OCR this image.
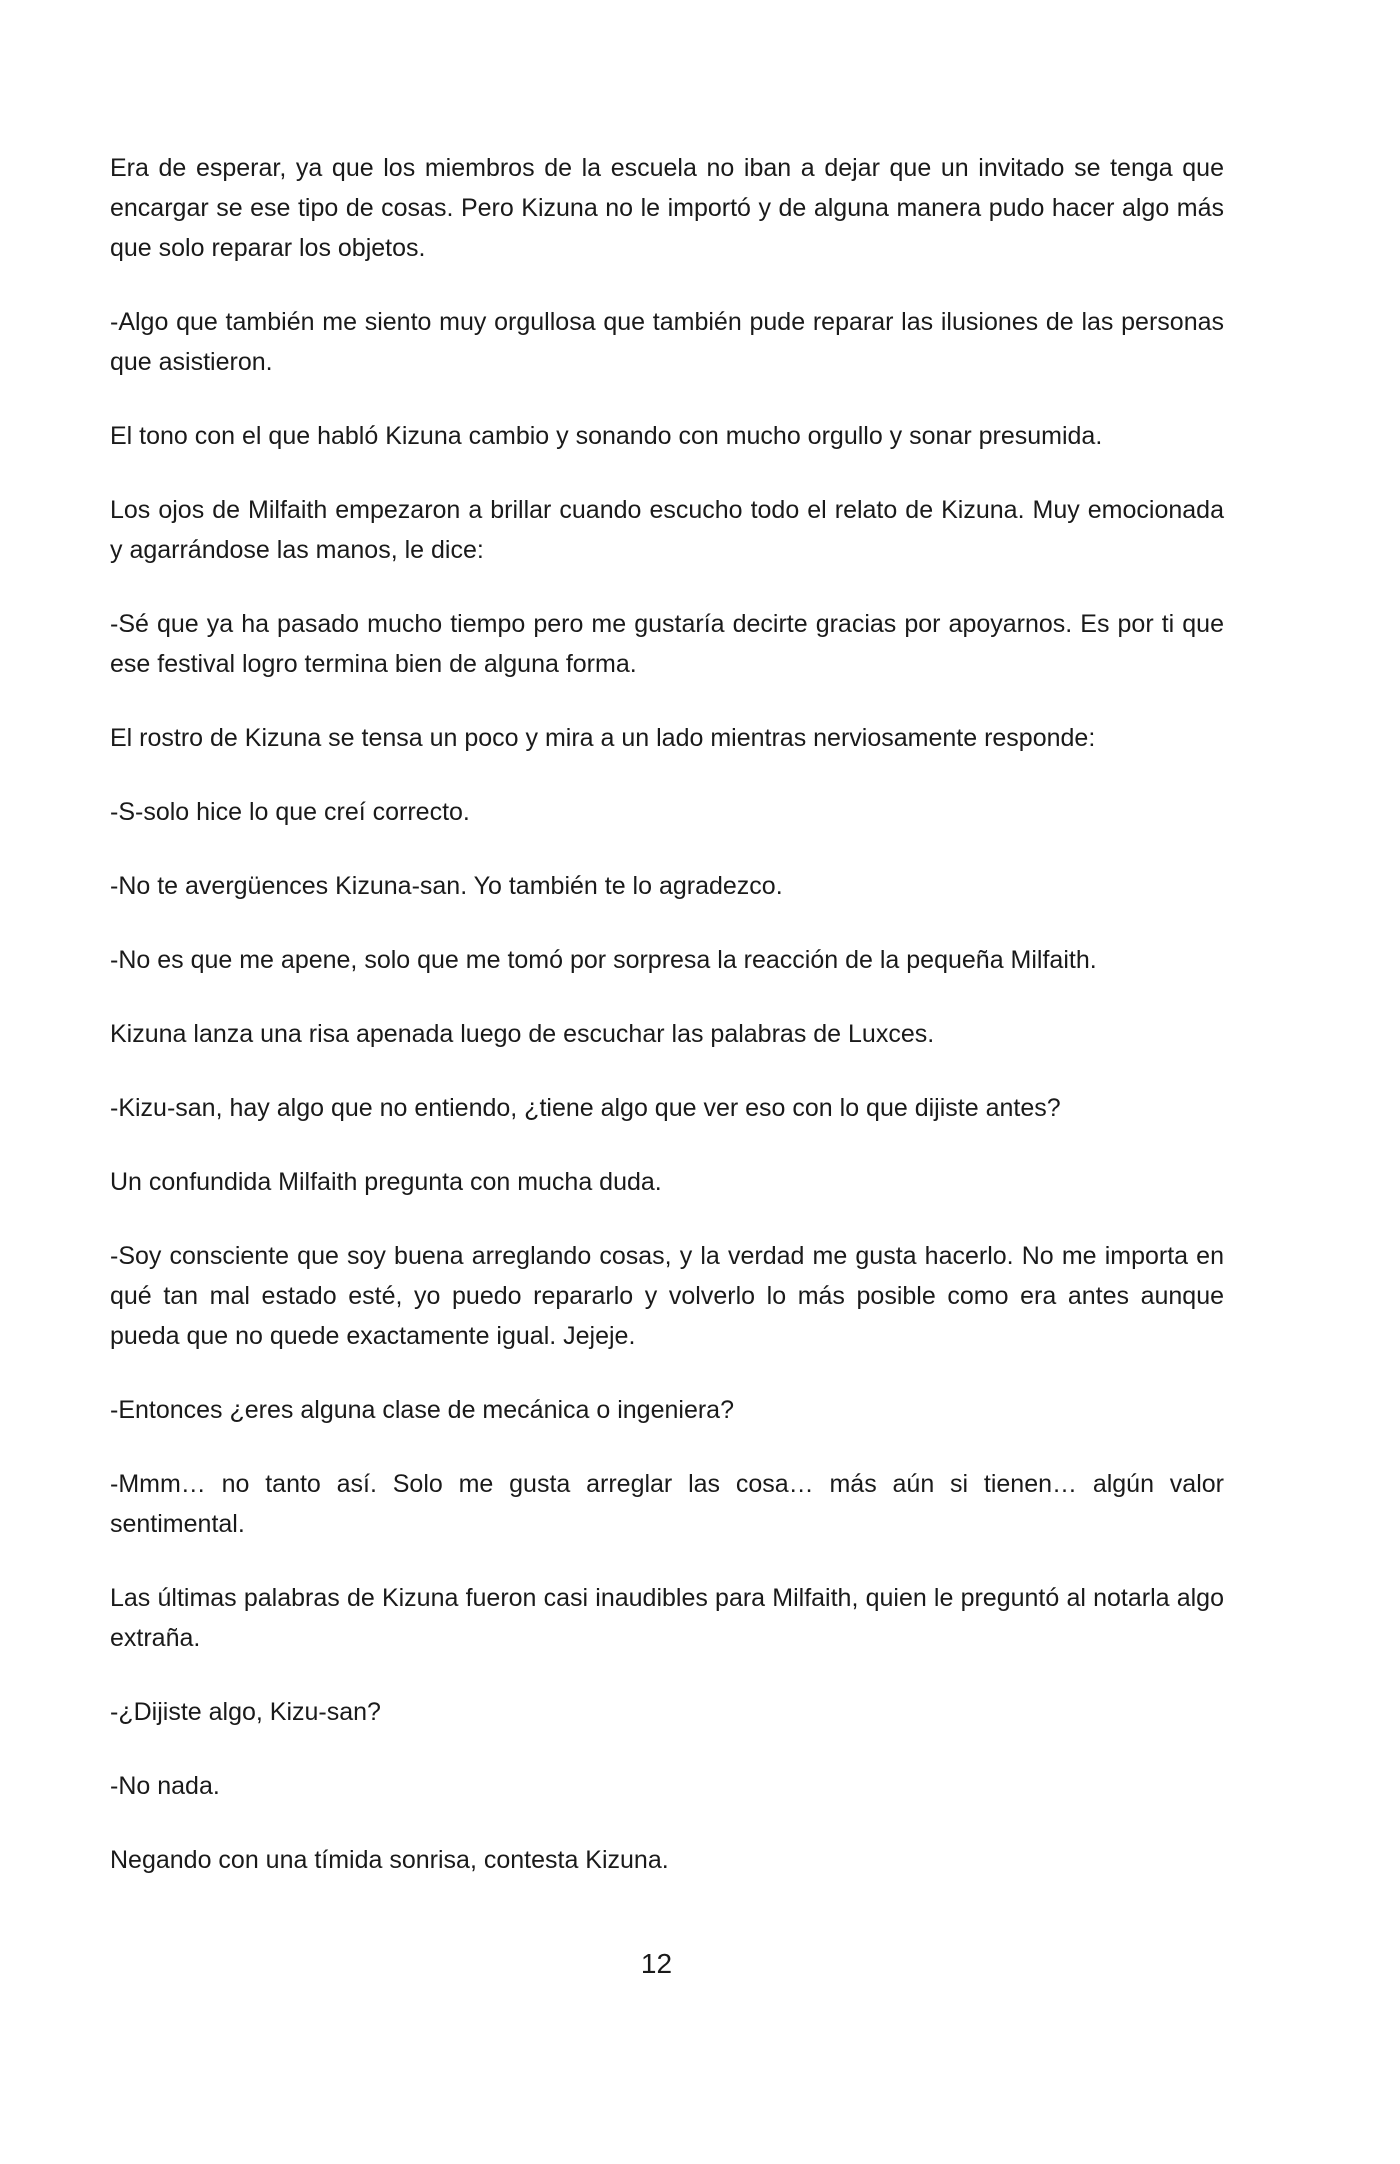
Era de esperar, ya que los miembros de la escuela no iban a dejar que un invitado se tenga que encargar se ese tipo de cosas. Pero Kizuna no le importó y de alguna manera pudo hacer algo más que solo reparar los objetos.

-Algo que también me siento muy orgullosa que también pude reparar las ilusiones de las personas que asistieron.

El tono con el que habló Kizuna cambio y sonando con mucho orgullo y sonar presumida.

Los ojos de Milfaith empezaron a brillar cuando escucho todo el relato de Kizuna. Muy emocionada y agarrándose las manos, le dice:

-Sé que ya ha pasado mucho tiempo pero me gustaría decirte gracias por apoyarnos. Es por ti que ese festival logro termina bien de alguna forma.

El rostro de Kizuna se tensa un poco y mira a un lado mientras nerviosamente responde:

-S-solo hice lo que creí correcto.

-No te avergüences Kizuna-san. Yo también te lo agradezco.

-No es que me apene, solo que me tomó por sorpresa la reacción de la pequeña Milfaith.

Kizuna lanza una risa apenada luego de escuchar las palabras de Luxces.

-Kizu-san, hay algo que no entiendo, ¿tiene algo que ver eso con lo que dijiste antes?

Un confundida Milfaith pregunta con mucha duda.

-Soy consciente que soy buena arreglando cosas, y la verdad me gusta hacerlo. No me importa en qué tan mal estado esté, yo puedo repararlo y volverlo lo más posible como era antes aunque pueda que no quede exactamente igual. Jejeje.

-Entonces ¿eres alguna clase de mecánica o ingeniera?

-Mmm… no tanto así. Solo me gusta arreglar las cosa… más aún si tienen… algún valor sentimental.

Las últimas palabras de Kizuna fueron casi inaudibles para Milfaith, quien le preguntó al notarla algo extraña.

-¿Dijiste algo, Kizu-san?

-No nada.

Negando con una tímida sonrisa, contesta Kizuna.

12
